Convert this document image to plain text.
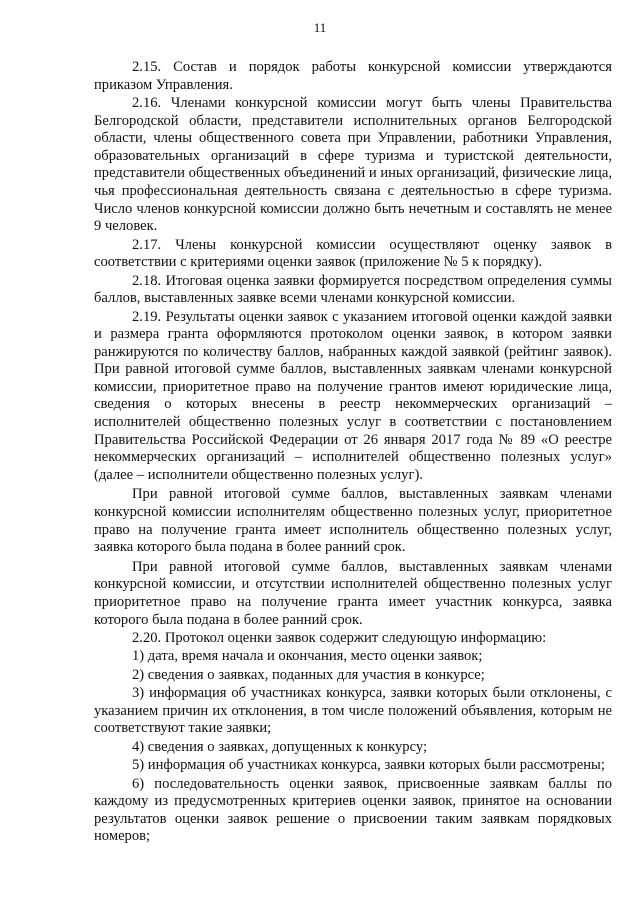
11

2.15. Состав и порядок работы конкурсной комиссии утверждаются приказом Управления.

2.16. Членами конкурсной комиссии могут быть члены Правительства Белгородской области, представители исполнительных органов Белгородской области, члены общественного совета при Управлении, работники Управления, образовательных организаций в сфере туризма и туристской деятельности, представители общественных объединений и иных организаций, физические лица, чья профессиональная деятельность связана с деятельностью в сфере туризма. Число членов конкурсной комиссии должно быть нечетным и составлять не менее 9 человек.

2.17. Члены конкурсной комиссии осуществляют оценку заявок в соответствии с критериями оценки заявок (приложение № 5 к порядку).

2.18. Итоговая оценка заявки формируется посредством определения суммы баллов, выставленных заявке всеми членами конкурсной комиссии.

2.19. Результаты оценки заявок с указанием итоговой оценки каждой заявки и размера гранта оформляются протоколом оценки заявок, в котором заявки ранжируются по количеству баллов, набранных каждой заявкой (рейтинг заявок). При равной итоговой сумме баллов, выставленных заявкам членами конкурсной комиссии, приоритетное право на получение грантов имеют юридические лица, сведения о которых внесены в реестр некоммерческих организаций – исполнителей общественно полезных услуг в соответствии с постановлением Правительства Российской Федерации от 26 января 2017 года № 89 «О реестре некоммерческих организаций – исполнителей общественно полезных услуг» (далее – исполнители общественно полезных услуг).

При равной итоговой сумме баллов, выставленных заявкам членами конкурсной комиссии исполнителям общественно полезных услуг, приоритетное право на получение гранта имеет исполнитель общественно полезных услуг, заявка которого была подана в более ранний срок.

При равной итоговой сумме баллов, выставленных заявкам членами конкурсной комиссии, и отсутствии исполнителей общественно полезных услуг приоритетное право на получение гранта имеет участник конкурса, заявка которого была подана в более ранний срок.

2.20. Протокол оценки заявок содержит следующую информацию:

1) дата, время начала и окончания, место оценки заявок;

2) сведения о заявках, поданных для участия в конкурсе;

3) информация об участниках конкурса, заявки которых были отклонены, с указанием причин их отклонения, в том числе положений объявления, которым не соответствуют такие заявки;

4) сведения о заявках, допущенных к конкурсу;

5) информация об участниках конкурса, заявки которых были рассмотрены;

6) последовательность оценки заявок, присвоенные заявкам баллы по каждому из предусмотренных критериев оценки заявок, принятое на основании результатов оценки заявок решение о присвоении таким заявкам порядковых номеров;
